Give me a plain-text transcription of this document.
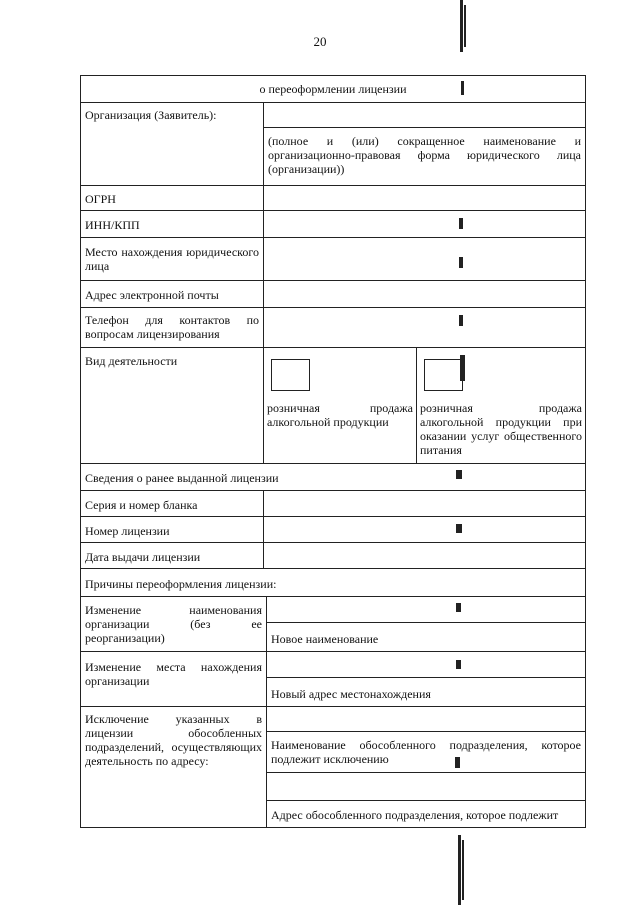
20
о переоформлении лицензии
Организация (Заявитель):
(полное и (или) сокращенное наименование и организационно-правовая форма юридического лица (организации))
ОГРН
ИНН/КПП
Место нахождения юридического лица
Адрес электронной почты
Телефон для контактов по вопросам лицензирования
Вид деятельности
розничная продажа алкогольной продукции
розничная продажа алкогольной продукции при оказании услуг общественного питания
Сведения о ранее выданной лицензии
Серия и номер бланка
Номер лицензии
Дата выдачи лицензии
Причины переоформления лицензии:
Изменение наименования организации (без ее реорганизации)	Новое наименование
Изменение места нахождения организации
Новый адрес местонахождения
Исключение указанных в лицензии обособленных подразделений, осуществляющих деятельность по адресу:
Наименование обособленного подразделения, которое подлежит исключению
Адрес обособленного подразделения, которое подлежит
